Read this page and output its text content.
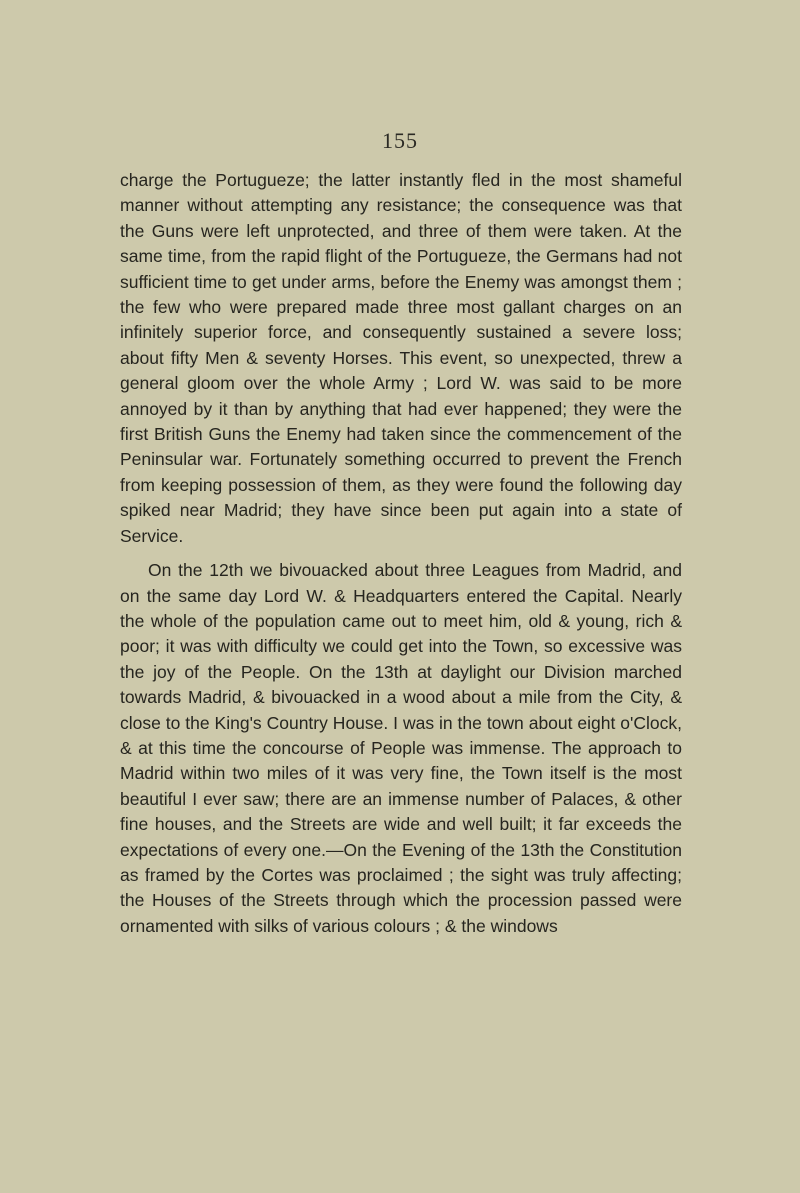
155

charge the Portugueze; the latter instantly fled in the most shameful manner without attempting any resistance; the consequence was that the Guns were left unprotected, and three of them were taken. At the same time, from the rapid flight of the Portugueze, the Germans had not sufficient time to get under arms, before the Enemy was amongst them ; the few who were prepared made three most gallant charges on an infinitely superior force, and consequently sustained a severe loss; about fifty Men & seventy Horses. This event, so unexpected, threw a general gloom over the whole Army ; Lord W. was said to be more annoyed by it than by anything that had ever happened; they were the first British Guns the Enemy had taken since the commencement of the Peninsular war. Fortunately something occurred to prevent the French from keeping possession of them, as they were found the following day spiked near Madrid; they have since been put again into a state of Service.

On the 12th we bivouacked about three Leagues from Madrid, and on the same day Lord W. & Headquarters entered the Capital. Nearly the whole of the population came out to meet him, old & young, rich & poor; it was with difficulty we could get into the Town, so excessive was the joy of the People. On the 13th at daylight our Division marched towards Madrid, & bivouacked in a wood about a mile from the City, & close to the King's Country House. I was in the town about eight o'Clock, & at this time the concourse of People was immense. The approach to Madrid within two miles of it was very fine, the Town itself is the most beautiful I ever saw; there are an immense number of Palaces, & other fine houses, and the Streets are wide and well built; it far exceeds the expectations of every one.—On the Evening of the 13th the Constitution as framed by the Cortes was proclaimed ; the sight was truly affecting; the Houses of the Streets through which the procession passed were ornamented with silks of various colours ; & the windows
